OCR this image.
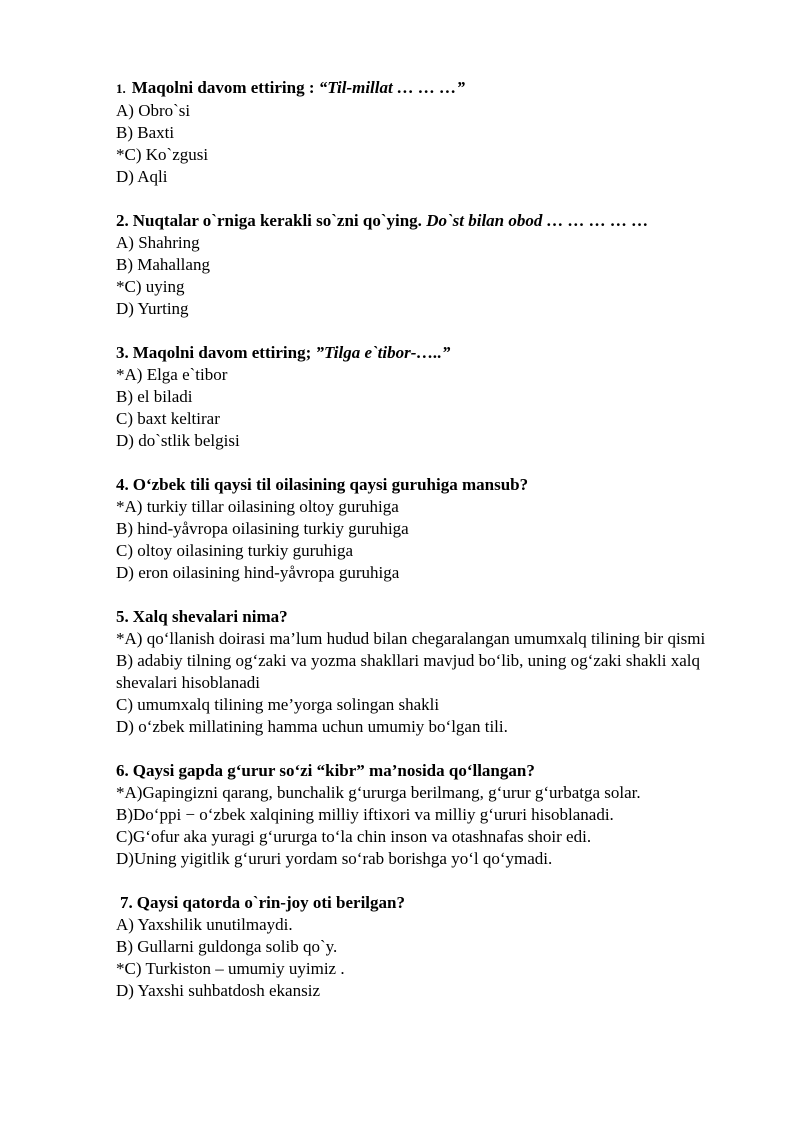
1. Maqolni davom ettiring : “Til-millat … … …”
A) Obro`si
B) Baxti
*C) Ko`zgusi
D) Aqli
2. Nuqtalar o`rniga kerakli so`zni qo`ying. Do`st bilan obod … … … … …
A) Shahring
B) Mahallang
*C) uying
D) Yurting
3. Maqolni davom ettiring; ”Tilga e`tibor-…..”
*A) Elga e`tibor
B) el biladi
C) baxt keltirar
D) do`stlik belgisi
4. O‘zbek tili qaysi til oilasining qaysi guruhiga mansub?
*A) turkiy tillar oilasining oltoy guruhiga
B) hind-yåvropa oilasining turkiy guruhiga
C) oltoy oilasining turkiy guruhiga
D) eron oilasining hind-yåvropa guruhiga
5. Xalq shevalari nima?
*A) qo‘llanish doirasi ma’lum hudud bilan chegaralangan umumxalq tilining bir qismi
B) adabiy tilning og‘zaki va yozma shakllari mavjud bo‘lib, uning og‘zaki shakli xalq shevalari hisoblanadi
C) umumxalq tilining me’yorga solingan shakli
D) o‘zbek millatining hamma uchun umumiy bo‘lgan tili.
6. Qaysi gapda g‘urur so‘zi “kibr” ma’nosida qo‘llangan?
*A)Gapingizni qarang, bunchalik g‘ururga berilmang, g‘urur g‘urbatga solar.
B)Do‘ppi − o‘zbek xalqining milliy iftixori va milliy g‘ururi hisoblanadi.
C)G‘ofur aka yuragi g‘ururga to‘la chin inson va otashnafas shoir edi.
D)Uning yigitlik g‘ururi yordam so‘rab borishga yo‘l qo‘ymadi.
7. Qaysi qatorda o`rin-joy oti berilgan?
A) Yaxshilik unutilmaydi.
B) Gullarni guldonga solib qo`y.
*C) Turkiston – umumiy uyimiz .
D) Yaxshi suhbatdosh ekansiz
